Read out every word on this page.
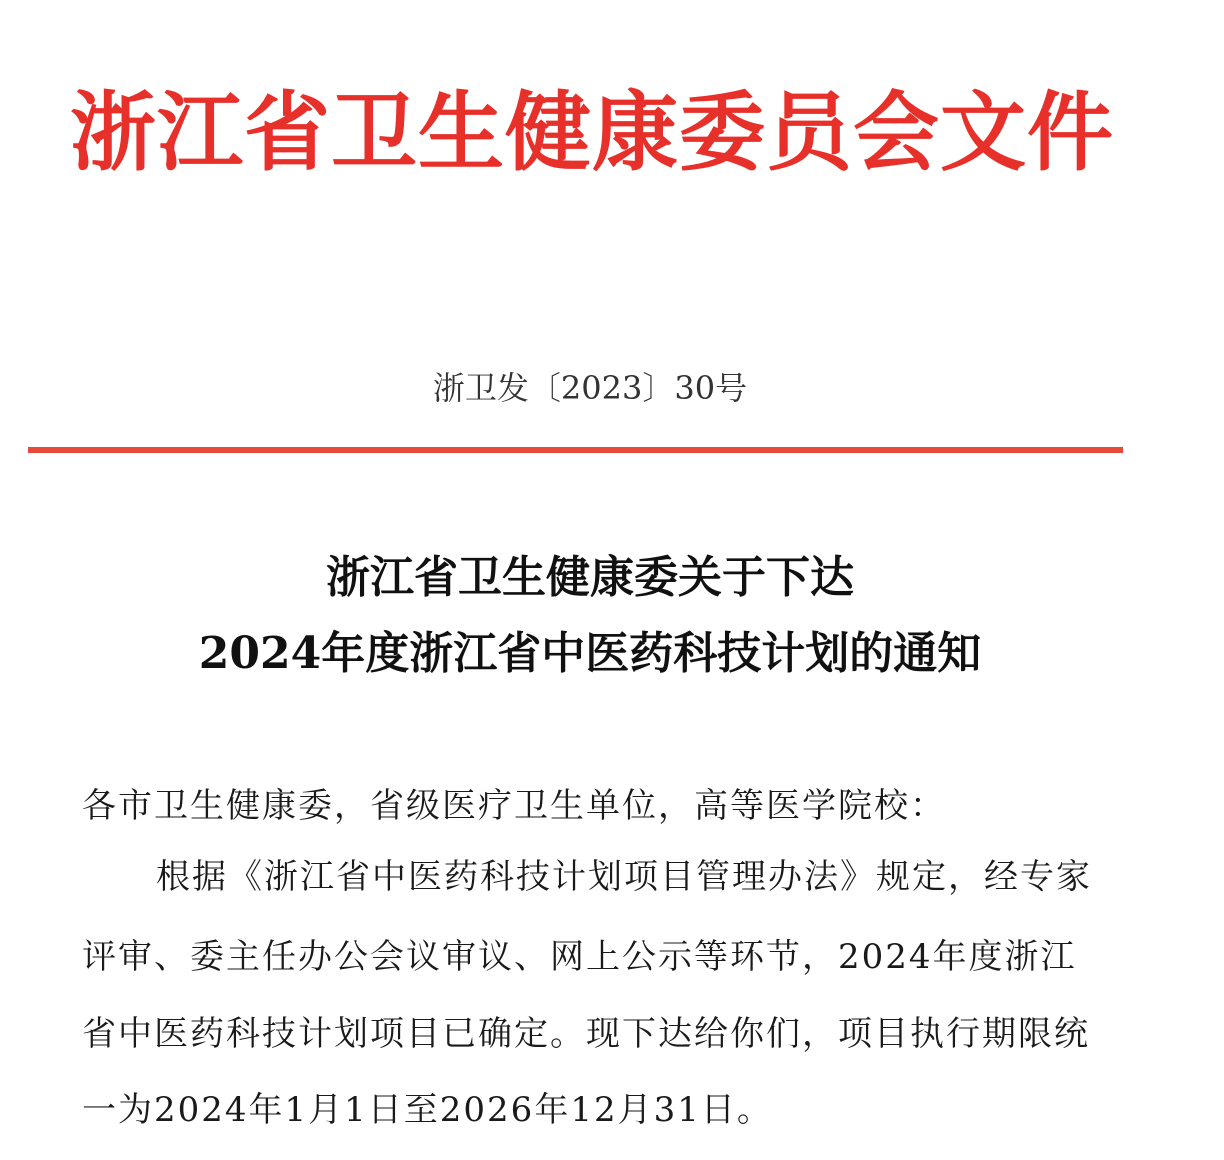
浙江省卫生健康委员会文件
浙卫发〔2023〕30号
浙江省卫生健康委关于下达
2024年度浙江省中医药科技计划的通知
各市卫生健康委，省级医疗卫生单位，高等医学院校：
根据《浙江省中医药科技计划项目管理办法》规定，经专家
评审、委主任办公会议审议、网上公示等环节，2024年度浙江
省中医药科技计划项目已确定。现下达给你们，项目执行期限统
一为2024年1月1日至2026年12月31日。
